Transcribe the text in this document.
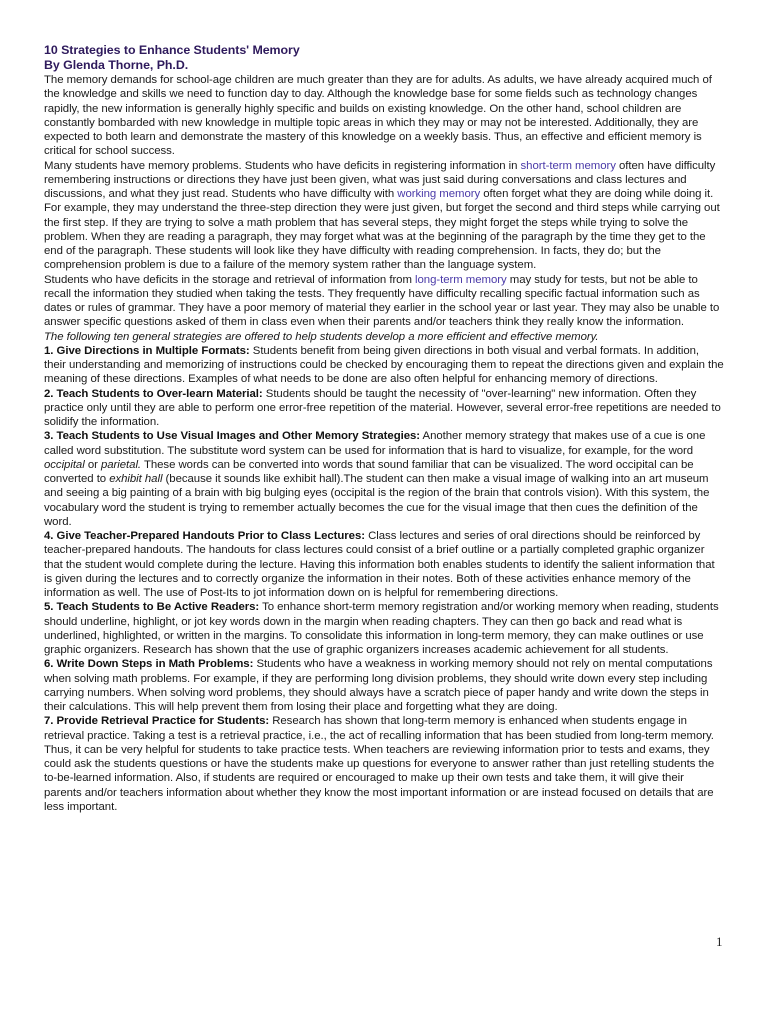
10 Strategies to Enhance Students' Memory
By Glenda Thorne, Ph.D.
The memory demands for school-age children are much greater than they are for adults. As adults, we have already acquired much of the knowledge and skills we need to function day to day. Although the knowledge base for some fields such as technology changes rapidly, the new information is generally highly specific and builds on existing knowledge. On the other hand, school children are constantly bombarded with new knowledge in multiple topic areas in which they may or may not be interested. Additionally, they are expected to both learn and demonstrate the mastery of this knowledge on a weekly basis. Thus, an effective and efficient memory is critical for school success.
Many students have memory problems. Students who have deficits in registering information in short-term memory often have difficulty remembering instructions or directions they have just been given, what was just said during conversations and class lectures and discussions, and what they just read. Students who have difficulty with working memory often forget what they are doing while doing it. For example, they may understand the three-step direction they were just given, but forget the second and third steps while carrying out the first step. If they are trying to solve a math problem that has several steps, they might forget the steps while trying to solve the problem. When they are reading a paragraph, they may forget what was at the beginning of the paragraph by the time they get to the end of the paragraph. These students will look like they have difficulty with reading comprehension. In facts, they do; but the comprehension problem is due to a failure of the memory system rather than the language system.
Students who have deficits in the storage and retrieval of information from long-term memory may study for tests, but not be able to recall the information they studied when taking the tests. They frequently have difficulty recalling specific factual information such as dates or rules of grammar. They have a poor memory of material they earlier in the school year or last year. They may also be unable to answer specific questions asked of them in class even when their parents and/or teachers think they really know the information.
The following ten general strategies are offered to help students develop a more efficient and effective memory.
1. Give Directions in Multiple Formats: Students benefit from being given directions in both visual and verbal formats. In addition, their understanding and memorizing of instructions could be checked by encouraging them to repeat the directions given and explain the meaning of these directions. Examples of what needs to be done are also often helpful for enhancing memory of directions.
2. Teach Students to Over-learn Material: Students should be taught the necessity of "over-learning" new information. Often they practice only until they are able to perform one error-free repetition of the material. However, several error-free repetitions are needed to solidify the information.
3. Teach Students to Use Visual Images and Other Memory Strategies: Another memory strategy that makes use of a cue is one called word substitution. The substitute word system can be used for information that is hard to visualize, for example, for the word occipital or parietal. These words can be converted into words that sound familiar that can be visualized. The word occipital can be converted to exhibit hall (because it sounds like exhibit hall).The student can then make a visual image of walking into an art museum and seeing a big painting of a brain with big bulging eyes (occipital is the region of the brain that controls vision). With this system, the vocabulary word the student is trying to remember actually becomes the cue for the visual image that then cues the definition of the word.
4. Give Teacher-Prepared Handouts Prior to Class Lectures: Class lectures and series of oral directions should be reinforced by teacher-prepared handouts. The handouts for class lectures could consist of a brief outline or a partially completed graphic organizer that the student would complete during the lecture. Having this information both enables students to identify the salient information that is given during the lectures and to correctly organize the information in their notes. Both of these activities enhance memory of the information as well. The use of Post-Its to jot information down on is helpful for remembering directions.
5. Teach Students to Be Active Readers: To enhance short-term memory registration and/or working memory when reading, students should underline, highlight, or jot key words down in the margin when reading chapters. They can then go back and read what is underlined, highlighted, or written in the margins. To consolidate this information in long-term memory, they can make outlines or use graphic organizers. Research has shown that the use of graphic organizers increases academic achievement for all students.
6. Write Down Steps in Math Problems: Students who have a weakness in working memory should not rely on mental computations when solving math problems. For example, if they are performing long division problems, they should write down every step including carrying numbers. When solving word problems, they should always have a scratch piece of paper handy and write down the steps in their calculations. This will help prevent them from losing their place and forgetting what they are doing.
7. Provide Retrieval Practice for Students: Research has shown that long-term memory is enhanced when students engage in retrieval practice. Taking a test is a retrieval practice, i.e., the act of recalling information that has been studied from long-term memory. Thus, it can be very helpful for students to take practice tests. When teachers are reviewing information prior to tests and exams, they could ask the students questions or have the students make up questions for everyone to answer rather than just retelling students the to-be-learned information. Also, if students are required or encouraged to make up their own tests and take them, it will give their parents and/or teachers information about whether they know the most important information or are instead focused on details that are less important.
1
